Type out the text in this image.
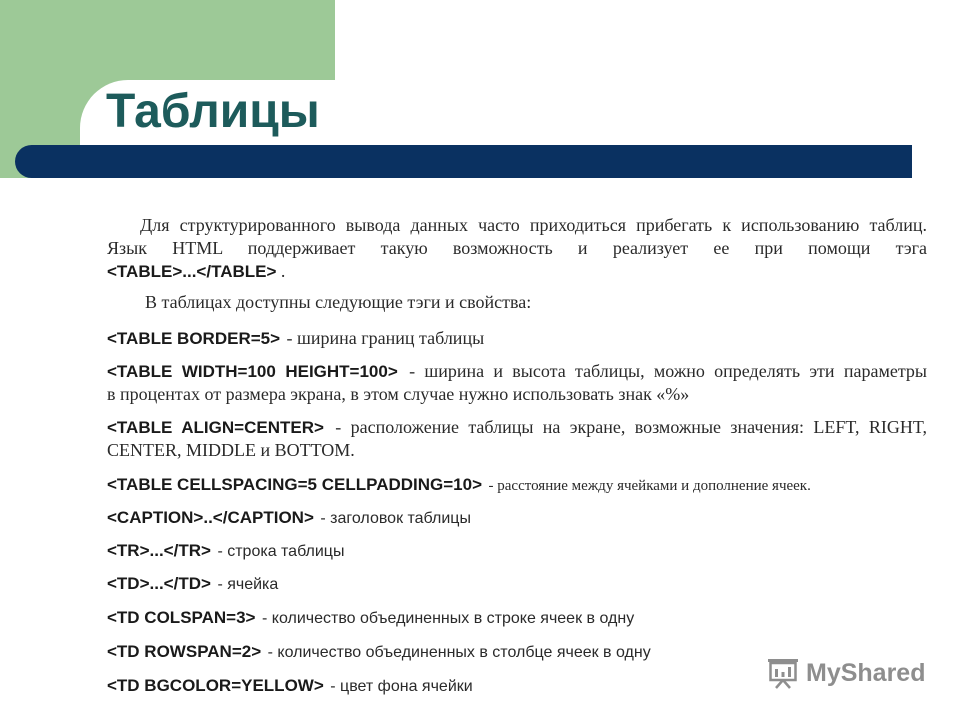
Таблицы
Для структурированного вывода данных часто приходиться прибегать к использованию таблиц.
Язык HTML поддерживает такую возможность и реализует ее при помощи тэга
<TABLE>...</TABLE> .
В таблицах доступны следующие тэги и свойства:
<TABLE BORDER=5> - ширина границ таблицы
<TABLE WIDTH=100 HEIGHT=100> - ширина и высота таблицы, можно определять эти параметры
в процентах от размера экрана, в этом случае нужно использовать знак «%»
<TABLE ALIGN=CENTER> - расположение таблицы на экране, возможные значения: LEFT, RIGHT,
CENTER, MIDDLE и BOTTOM.
<TABLE CELLSPACING=5 CELLPADDING=10> - расстояние между ячейками и дополнение ячеек.
<CAPTION>..</CAPTION> - заголовок таблицы
<TR>...</TR> - строка таблицы
<TD>...</TD> - ячейка
<TD COLSPAN=3> - количество объединенных в строке ячеек в одну
<TD ROWSPAN=2> - количество объединенных в столбце ячеек в одну
<TD BGCOLOR=YELLOW> - цвет фона ячейки	MyShared
